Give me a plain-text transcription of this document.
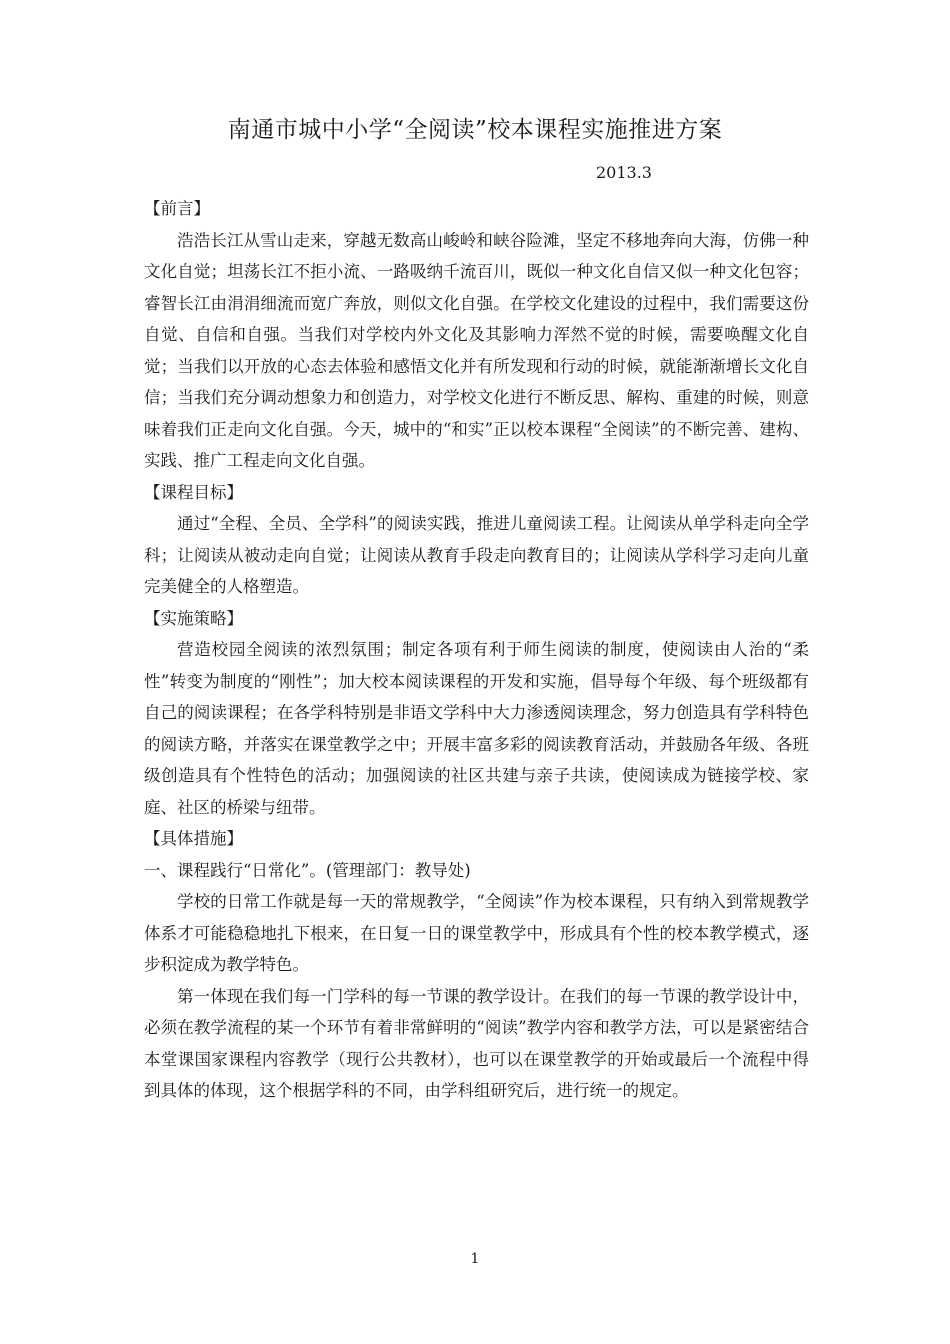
南通市城中小学“全阅读”校本课程实施推进方案
2013.3

【前言】

浩浩长江从雪山走来，穿越无数高山峻岭和峡谷险滩，坚定不移地奔向大海，仿佛一种文化自觉；坦荡长江不拒小流、一路吸纳千流百川，既似一种文化自信又似一种文化包容；睿智长江由涓涓细流而宽广奔放，则似文化自强。在学校文化建设的过程中，我们需要这份自觉、自信和自强。当我们对学校内外文化及其影响力浑然不觉的时候，需要唤醒文化自觉；当我们以开放的心态去体验和感悟文化并有所发现和行动的时候，就能渐渐增长文化自信；当我们充分调动想象力和创造力，对学校文化进行不断反思、解构、重建的时候，则意味着我们正走向文化自强。今天，城中的“和实”正以校本课程“全阅读”的不断完善、建构、实践、推广工程走向文化自强。

【课程目标】

通过“全程、全员、全学科”的阅读实践，推进儿童阅读工程。让阅读从单学科走向全学科；让阅读从被动走向自觉；让阅读从教育手段走向教育目的；让阅读从学科学习走向儿童完美健全的人格塑造。

【实施策略】

营造校园全阅读的浓烈氛围；制定各项有利于师生阅读的制度，使阅读由人治的“柔性”转变为制度的“刚性”；加大校本阅读课程的开发和实施，倡导每个年级、每个班级都有自己的阅读课程；在各学科特别是非语文学科中大力渗透阅读理念，努力创造具有学科特色的阅读方略，并落实在课堂教学之中；开展丰富多彩的阅读教育活动，并鼓励各年级、各班级创造具有个性特色的活动；加强阅读的社区共建与亲子共读，使阅读成为链接学校、家庭、社区的桥梁与纽带。

【具体措施】

一、课程践行“日常化”。(管理部门：教导处)

学校的日常工作就是每一天的常规教学，“全阅读”作为校本课程，只有纳入到常规教学体系才可能稳稳地扎下根来，在日复一日的课堂教学中，形成具有个性的校本教学模式，逐步积淀成为教学特色。

第一体现在我们每一门学科的每一节课的教学设计。在我们的每一节课的教学设计中，必须在教学流程的某一个环节有着非常鲜明的“阅读”教学内容和教学方法，可以是紧密结合本堂课国家课程内容教学（现行公共教材），也可以在课堂教学的开始或最后一个流程中得到具体的体现，这个根据学科的不同，由学科组研究后，进行统一的规定。

1
